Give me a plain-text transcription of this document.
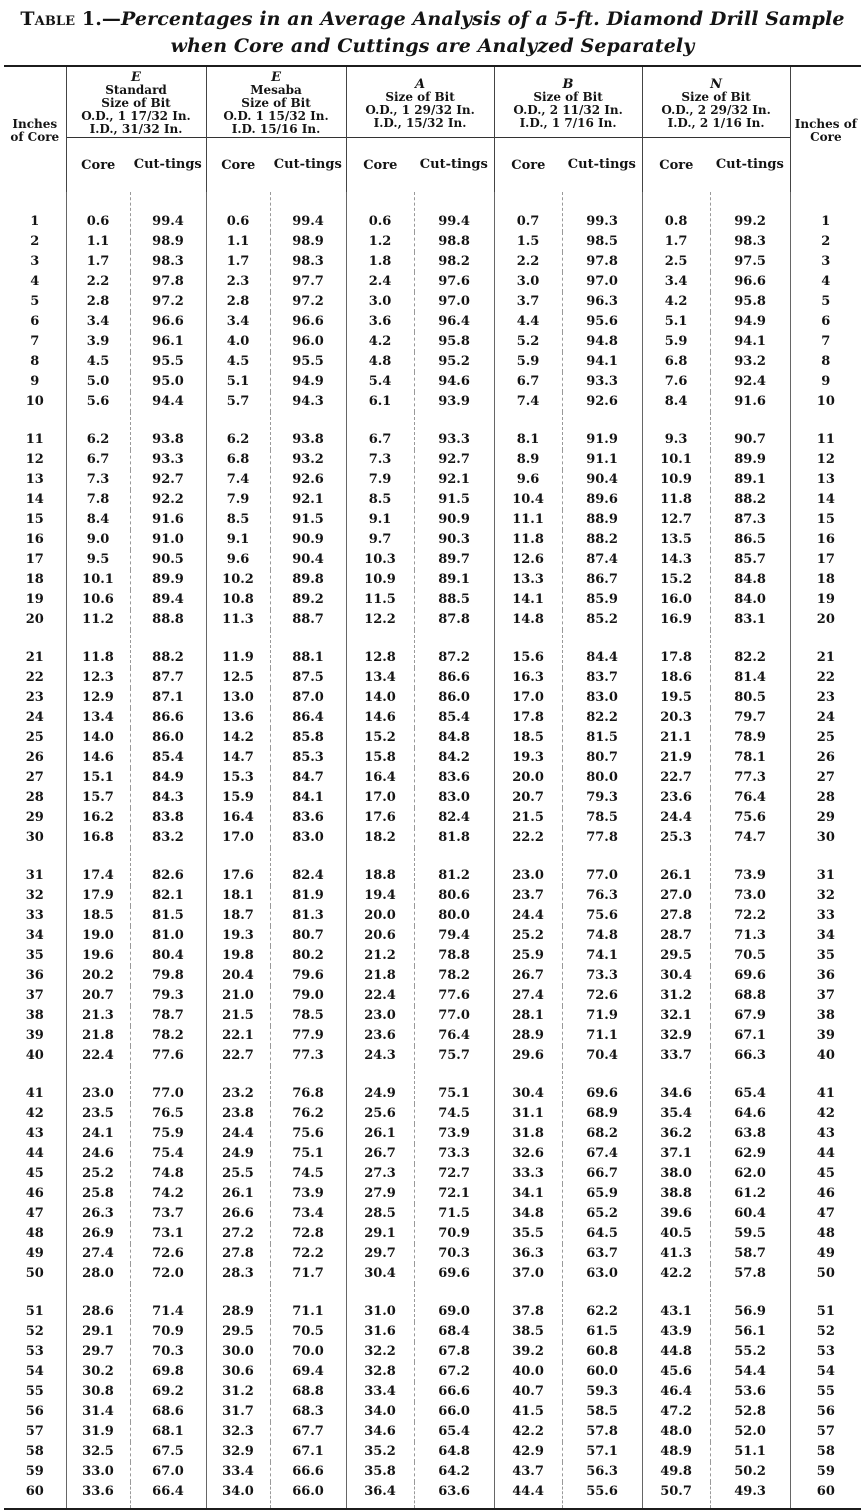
Table 1.—Percentages in an Average Analysis of a 5-ft. Diamond Drill Sample when Core and Cuttings are Analyzed Separately
Inches of Core	E
Standard
Size of Bit
O.D., 1 17/32 In.
I.D., 31/32 In.		E
Mesaba
Size of Bit
O.D. 1 15/32 In.
I.D. 15/16 In.		A
Size of Bit
O.D., 1 29/32 In.
I.D., 15/32 In.		B
Size of Bit
O.D., 2 11/32 In.
I.D., 1 7/16 In.		N
Size of Bit
O.D., 2 29/32 In.
I.D., 2 1/16 In.		Inches of Core
	Core	Cut-tings	Core	Cut-tings	Core	Cut-tings	Core	Cut-tings	Core	Cut-tings	
1	0.6	99.4	0.6	99.4	0.6	99.4	0.7	99.3	0.8	99.2	1
2	1.1	98.9	1.1	98.9	1.2	98.8	1.5	98.5	1.7	98.3	2
3	1.7	98.3	1.7	98.3	1.8	98.2	2.2	97.8	2.5	97.5	3
4	2.2	97.8	2.3	97.7	2.4	97.6	3.0	97.0	3.4	96.6	4
5	2.8	97.2	2.8	97.2	3.0	97.0	3.7	96.3	4.2	95.8	5
6	3.4	96.6	3.4	96.6	3.6	96.4	4.4	95.6	5.1	94.9	6
7	3.9	96.1	4.0	96.0	4.2	95.8	5.2	94.8	5.9	94.1	7
8	4.5	95.5	4.5	95.5	4.8	95.2	5.9	94.1	6.8	93.2	8
9	5.0	95.0	5.1	94.9	5.4	94.6	6.7	93.3	7.6	92.4	9
10	5.6	94.4	5.7	94.3	6.1	93.9	7.4	92.6	8.4	91.6	10
11	6.2	93.8	6.2	93.8	6.7	93.3	8.1	91.9	9.3	90.7	11
12	6.7	93.3	6.8	93.2	7.3	92.7	8.9	91.1	10.1	89.9	12
13	7.3	92.7	7.4	92.6	7.9	92.1	9.6	90.4	10.9	89.1	13
14	7.8	92.2	7.9	92.1	8.5	91.5	10.4	89.6	11.8	88.2	14
15	8.4	91.6	8.5	91.5	9.1	90.9	11.1	88.9	12.7	87.3	15
16	9.0	91.0	9.1	90.9	9.7	90.3	11.8	88.2	13.5	86.5	16
17	9.5	90.5	9.6	90.4	10.3	89.7	12.6	87.4	14.3	85.7	17
18	10.1	89.9	10.2	89.8	10.9	89.1	13.3	86.7	15.2	84.8	18
19	10.6	89.4	10.8	89.2	11.5	88.5	14.1	85.9	16.0	84.0	19
20	11.2	88.8	11.3	88.7	12.2	87.8	14.8	85.2	16.9	83.1	20
21	11.8	88.2	11.9	88.1	12.8	87.2	15.6	84.4	17.8	82.2	21
22	12.3	87.7	12.5	87.5	13.4	86.6	16.3	83.7	18.6	81.4	22
23	12.9	87.1	13.0	87.0	14.0	86.0	17.0	83.0	19.5	80.5	23
24	13.4	86.6	13.6	86.4	14.6	85.4	17.8	82.2	20.3	79.7	24
25	14.0	86.0	14.2	85.8	15.2	84.8	18.5	81.5	21.1	78.9	25
26	14.6	85.4	14.7	85.3	15.8	84.2	19.3	80.7	21.9	78.1	26
27	15.1	84.9	15.3	84.7	16.4	83.6	20.0	80.0	22.7	77.3	27
28	15.7	84.3	15.9	84.1	17.0	83.0	20.7	79.3	23.6	76.4	28
29	16.2	83.8	16.4	83.6	17.6	82.4	21.5	78.5	24.4	75.6	29
30	16.8	83.2	17.0	83.0	18.2	81.8	22.2	77.8	25.3	74.7	30
31	17.4	82.6	17.6	82.4	18.8	81.2	23.0	77.0	26.1	73.9	31
32	17.9	82.1	18.1	81.9	19.4	80.6	23.7	76.3	27.0	73.0	32
33	18.5	81.5	18.7	81.3	20.0	80.0	24.4	75.6	27.8	72.2	33
34	19.0	81.0	19.3	80.7	20.6	79.4	25.2	74.8	28.7	71.3	34
35	19.6	80.4	19.8	80.2	21.2	78.8	25.9	74.1	29.5	70.5	35
36	20.2	79.8	20.4	79.6	21.8	78.2	26.7	73.3	30.4	69.6	36
37	20.7	79.3	21.0	79.0	22.4	77.6	27.4	72.6	31.2	68.8	37
38	21.3	78.7	21.5	78.5	23.0	77.0	28.1	71.9	32.1	67.9	38
39	21.8	78.2	22.1	77.9	23.6	76.4	28.9	71.1	32.9	67.1	39
40	22.4	77.6	22.7	77.3	24.3	75.7	29.6	70.4	33.7	66.3	40
41	23.0	77.0	23.2	76.8	24.9	75.1	30.4	69.6	34.6	65.4	41
42	23.5	76.5	23.8	76.2	25.6	74.5	31.1	68.9	35.4	64.6	42
43	24.1	75.9	24.4	75.6	26.1	73.9	31.8	68.2	36.2	63.8	43
44	24.6	75.4	24.9	75.1	26.7	73.3	32.6	67.4	37.1	62.9	44
45	25.2	74.8	25.5	74.5	27.3	72.7	33.3	66.7	38.0	62.0	45
46	25.8	74.2	26.1	73.9	27.9	72.1	34.1	65.9	38.8	61.2	46
47	26.3	73.7	26.6	73.4	28.5	71.5	34.8	65.2	39.6	60.4	47
48	26.9	73.1	27.2	72.8	29.1	70.9	35.5	64.5	40.5	59.5	48
49	27.4	72.6	27.8	72.2	29.7	70.3	36.3	63.7	41.3	58.7	49
50	28.0	72.0	28.3	71.7	30.4	69.6	37.0	63.0	42.2	57.8	50
51	28.6	71.4	28.9	71.1	31.0	69.0	37.8	62.2	43.1	56.9	51
52	29.1	70.9	29.5	70.5	31.6	68.4	38.5	61.5	43.9	56.1	52
53	29.7	70.3	30.0	70.0	32.2	67.8	39.2	60.8	44.8	55.2	53
54	30.2	69.8	30.6	69.4	32.8	67.2	40.0	60.0	45.6	54.4	54
55	30.8	69.2	31.2	68.8	33.4	66.6	40.7	59.3	46.4	53.6	55
56	31.4	68.6	31.7	68.3	34.0	66.0	41.5	58.5	47.2	52.8	56
57	31.9	68.1	32.3	67.7	34.6	65.4	42.2	57.8	48.0	52.0	57
58	32.5	67.5	32.9	67.1	35.2	64.8	42.9	57.1	48.9	51.1	58
59	33.0	67.0	33.4	66.6	35.8	64.2	43.7	56.3	49.8	50.2	59
60	33.6	66.4	34.0	66.0	36.4	63.6	44.4	55.6	50.7	49.3	60
